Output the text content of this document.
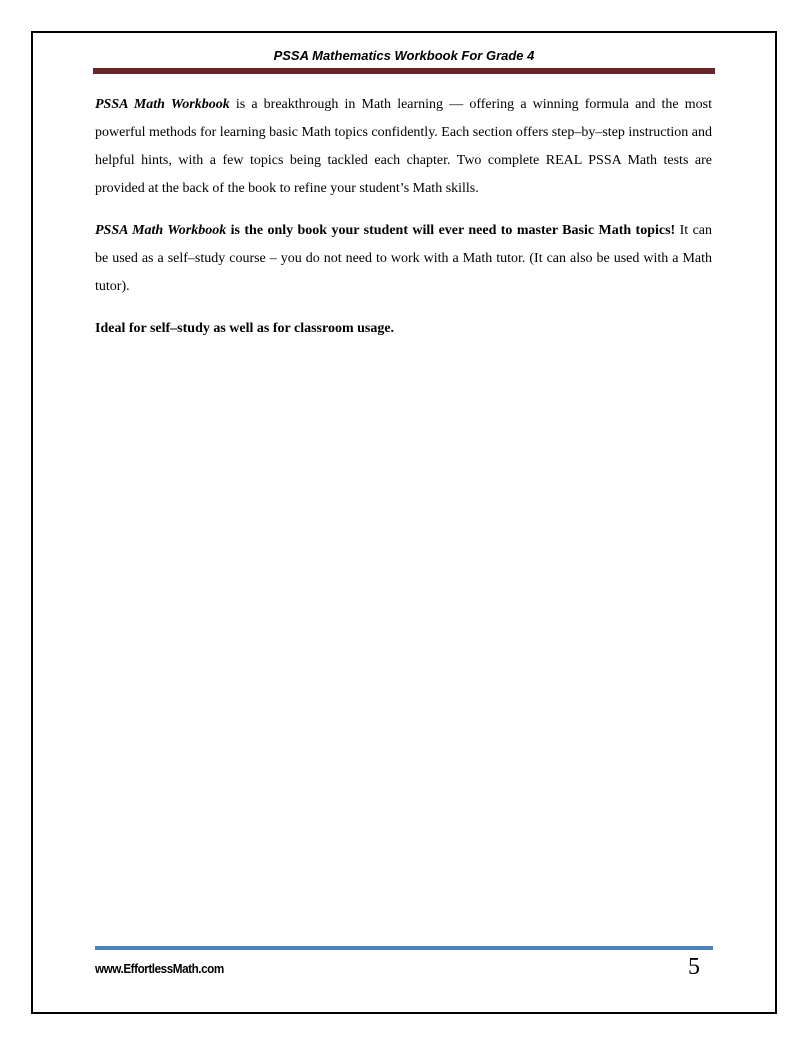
PSSA Mathematics Workbook For Grade 4

PSSA Math Workbook is a breakthrough in Math learning — offering a winning formula and the most powerful methods for learning basic Math topics confidently. Each section offers step–by–step instruction and helpful hints, with a few topics being tackled each chapter. Two complete REAL PSSA Math tests are provided at the back of the book to refine your student’s Math skills.

PSSA Math Workbook is the only book your student will ever need to master Basic Math topics! It can be used as a self–study course – you do not need to work with a Math tutor. (It can also be used with a Math tutor).

Ideal for self–study as well as for classroom usage.

www.EffortlessMath.com	5
